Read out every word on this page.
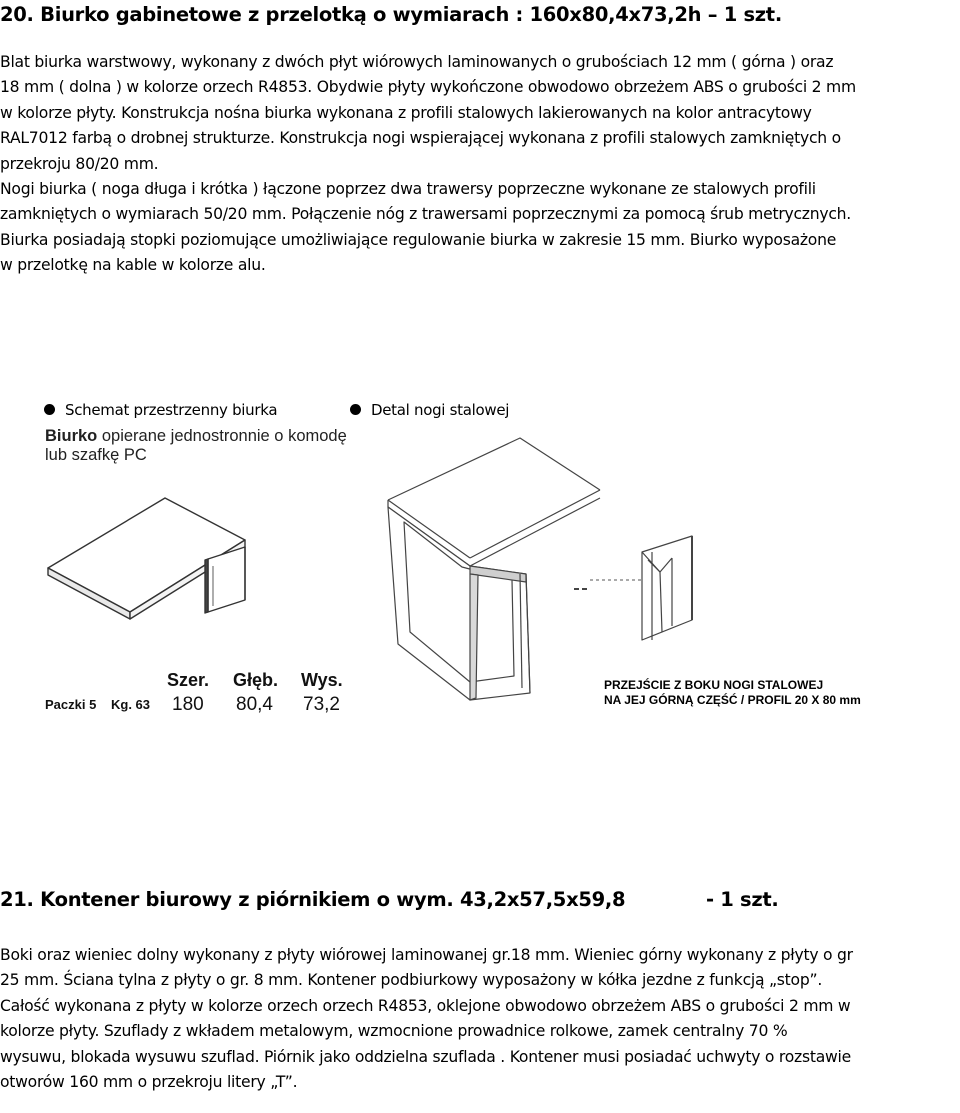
20. Biurko gabinetowe z przelotką o wymiarach : 160x80,4x73,2h – 1 szt.
Blat biurka warstwowy, wykonany z dwóch płyt wiórowych laminowanych o grubościach 12 mm ( górna ) oraz
18 mm ( dolna ) w kolorze orzech R4853. Obydwie płyty wykończone obwodowo obrzeżem ABS o grubości 2 mm
w kolorze płyty. Konstrukcja nośna biurka wykonana z profili stalowych lakierowanych na kolor antracytowy
RAL7012 farbą o drobnej strukturze. Konstrukcja nogi wspierającej wykonana z profili stalowych zamkniętych o
przekroju 80/20 mm.
Nogi biurka ( noga długa i krótka ) łączone poprzez dwa trawersy poprzeczne wykonane ze stalowych profili
zamkniętych o wymiarach 50/20 mm. Połączenie nóg z trawersami poprzecznymi za pomocą śrub metrycznych.
Biurka posiadają stopki poziomujące umożliwiające regulowanie biurka w zakresie 15 mm. Biurko wyposażone
w przelotkę na kable w kolorze alu.
Schemat przestrzenny biurka	Detal nogi stalowej
Biurko opierane jednostronnie o komodę
lub szafkę PC
Szer. Głęb. Wys.
Paczki 5 Kg. 63 180 80,4 73,2
PRZEJŚCIE Z BOKU NOGI STALOWEJ
NA JEJ GÓRNĄ CZĘŚĆ / PROFIL 20 X 80 mm
21. Kontener biurowy z piórnikiem o wym. 43,2x57,5x59,8	- 1 szt.
Boki oraz wieniec dolny wykonany z płyty wiórowej laminowanej gr.18 mm. Wieniec górny wykonany z płyty o gr
25 mm. Ściana tylna z płyty o gr. 8 mm. Kontener podbiurkowy wyposażony w kółka jezdne z funkcją „stop”.
Całość wykonana z płyty w kolorze orzech orzech R4853, oklejone obwodowo obrzeżem ABS o grubości 2 mm w
kolorze płyty. Szuflady z wkładem metalowym, wzmocnione prowadnice rolkowe, zamek centralny 70 %
wysuwu, blokada wysuwu szuflad. Piórnik jako oddzielna szuflada . Kontener musi posiadać uchwyty o rozstawie
otworów 160 mm o przekroju litery „T”.
